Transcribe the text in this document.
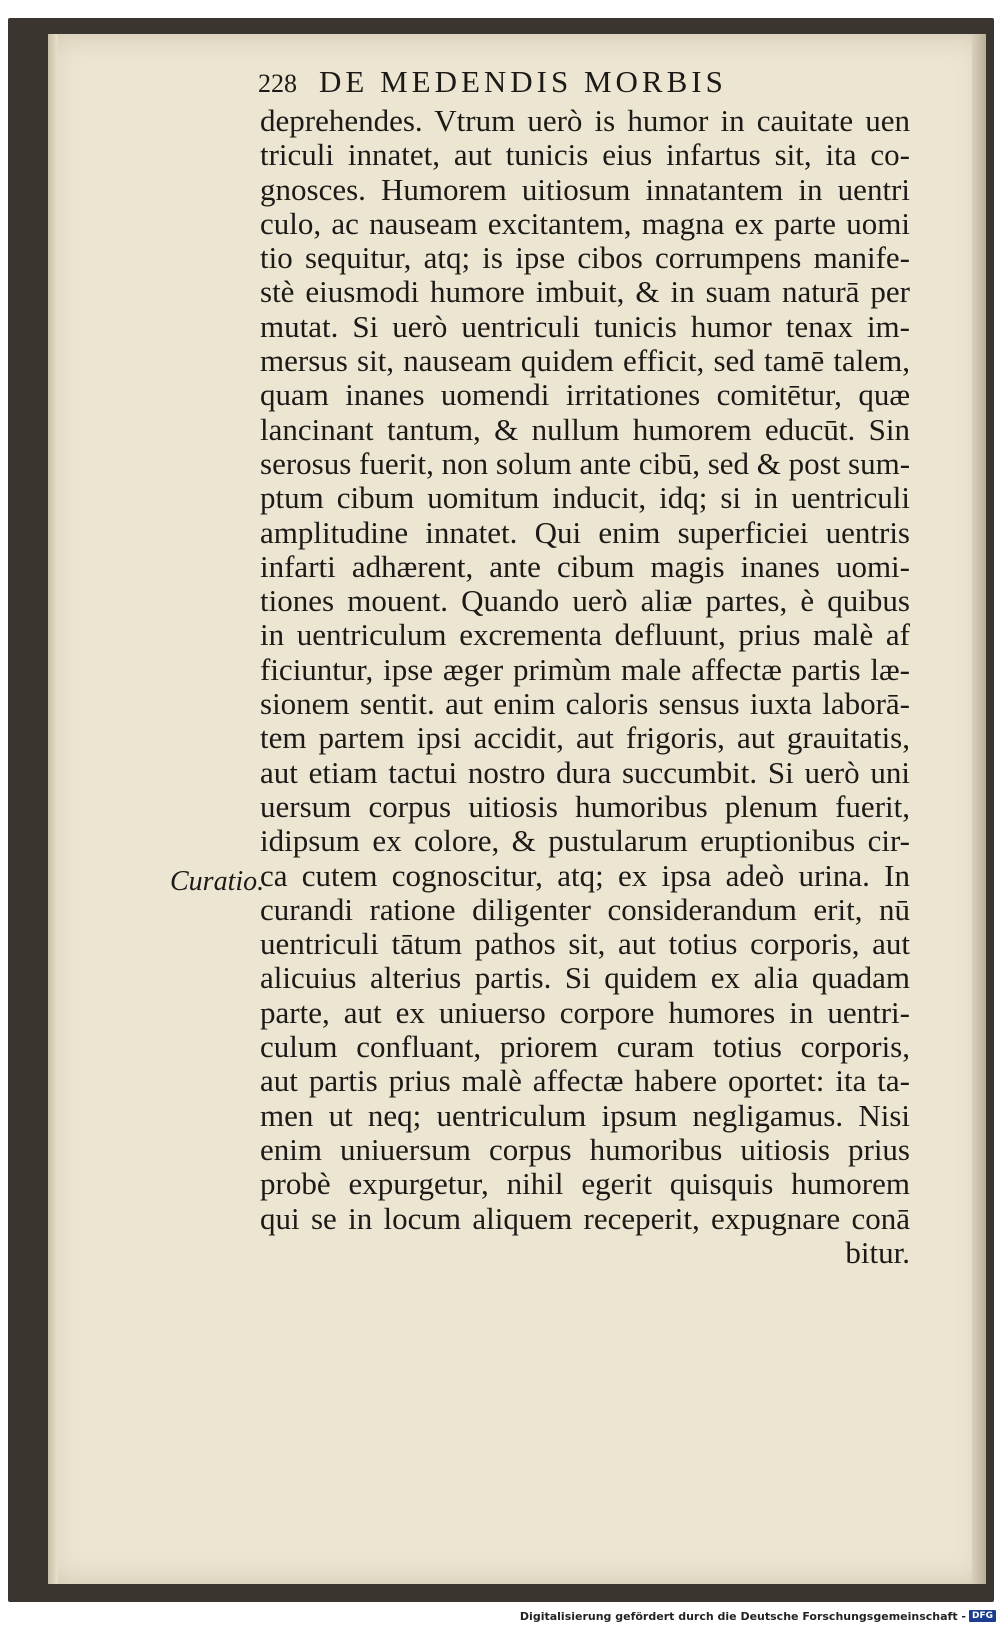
228 DE MEDENDIS MORBIS
Curatio.
deprehendes. Vtrum uerò is humor in cauitate uen
triculi innatet, aut tunicis eius infartus sit, ita co-
gnosces. Humorem uitiosum innatantem in uentri
culo, ac nauseam excitantem, magna ex parte uomi
tio sequitur, atq; is ipse cibos corrumpens manife-
stè eiusmodi humore imbuit, & in suam naturā per
mutat. Si uerò uentriculi tunicis humor tenax im-
mersus sit, nauseam quidem efficit, sed tamē talem,
quam inanes uomendi irritationes comitētur, quæ
lancinant tantum, & nullum humorem educūt. Sin
serosus fuerit, non solum ante cibū, sed & post sum-
ptum cibum uomitum inducit, idq; si in uentriculi
amplitudine innatet. Qui enim superficiei uentris
infarti adhærent, ante cibum magis inanes uomi-
tiones mouent. Quando uerò aliæ partes, è quibus
in uentriculum excrementa defluunt, prius malè af
ficiuntur, ipse æger primùm male affectæ partis læ-
sionem sentit. aut enim caloris sensus iuxta laborā-
tem partem ipsi accidit, aut frigoris, aut grauitatis,
aut etiam tactui nostro dura succumbit. Si uerò uni
uersum corpus uitiosis humoribus plenum fuerit,
idipsum ex colore, & pustularum eruptionibus cir-
ca cutem cognoscitur, atq; ex ipsa adeò urina. In
curandi ratione diligenter considerandum erit, nū
uentriculi tātum pathos sit, aut totius corporis, aut
alicuius alterius partis. Si quidem ex alia quadam
parte, aut ex uniuerso corpore humores in uentri-
culum confluant, priorem curam totius corporis,
aut partis prius malè affectæ habere oportet: ita ta-
men ut neq; uentriculum ipsum negligamus. Nisi
enim uniuersum corpus humoribus uitiosis prius
probè expurgetur, nihil egerit quisquis humorem
qui se in locum aliquem receperit, expugnare conā
bitur.
Digitalisierung gefördert durch die Deutsche Forschungsgemeinschaft - DFG
